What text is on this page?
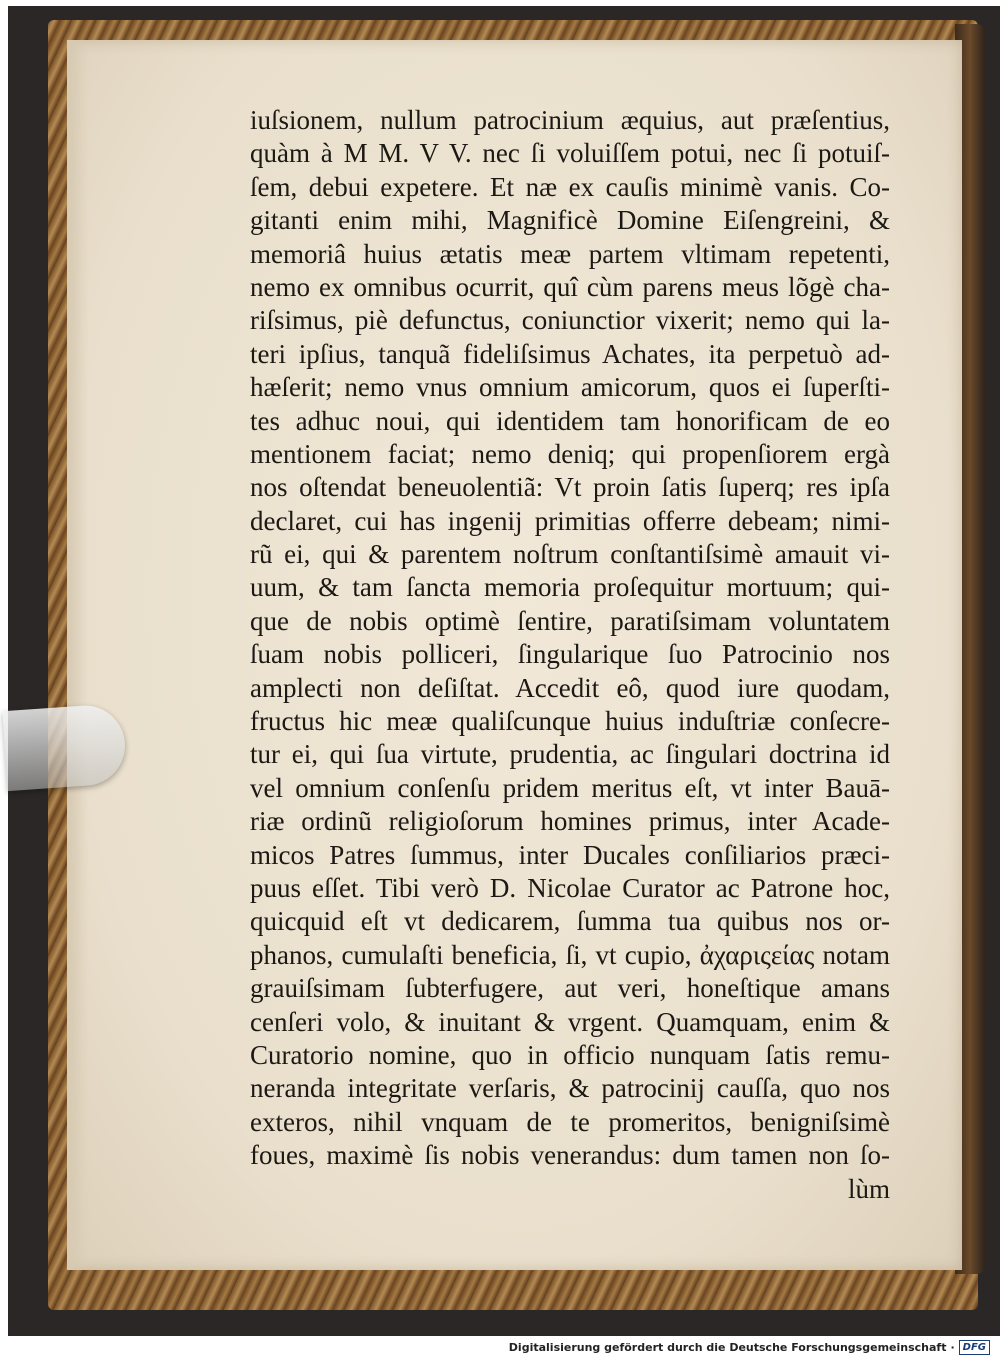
iuſsionem, nullum patrocinium æquius, aut præſentius,
quàm à M M. V V. nec ſi voluiſſem potui, nec ſi potuiſ-
ſem, debui expetere. Et næ ex cauſis minimè vanis. Co-
gitanti enim mihi, Magnificè Domine Eiſengreini, &
memoriâ huius ætatis meæ partem vltimam repetenti,
nemo ex omnibus ocurrit, quî cùm parens meus lõgè cha-
riſsimus, piè defunctus, coniunctior vixerit; nemo qui la-
teri ipſius, tanquã fideliſsimus Achates, ita perpetuò ad-
hæſerit; nemo vnus omnium amicorum, quos ei ſuperſti-
tes adhuc noui, qui identidem tam honorificam de eo
mentionem faciat; nemo deniq; qui propenſiorem ergà
nos oſtendat beneuolentiã: Vt proin ſatis ſuperq; res ipſa
declaret, cui has ingenij primitias offerre debeam; nimi-
rũ ei, qui & parentem noſtrum conſtantiſsimè amauit vi-
uum, & tam ſancta memoria proſequitur mortuum; qui-
que de nobis optimè ſentire, paratiſsimam voluntatem
ſuam nobis polliceri, ſingularique ſuo Patrocinio nos
amplecti non deſiſtat. Accedit eô, quod iure quodam,
fructus hic meæ qualiſcunque huius induſtriæ conſecre-
tur ei, qui ſua virtute, prudentia, ac ſingulari doctrina id
vel omnium conſenſu pridem meritus eſt, vt inter Bauā-
riæ ordinũ religioſorum homines primus, inter Acade-
micos Patres ſummus, inter Ducales conſiliarios præci-
puus eſſet. Tibi verò D. Nicolae Curator ac Patrone hoc,
quicquid eſt vt dedicarem, ſumma tua quibus nos or-
phanos, cumulaſti beneficia, ſi, vt cupio, ἀχαριςείας notam
grauiſsimam ſubterfugere, aut veri, honeſtique amans
cenſeri volo, & inuitant & vrgent. Quamquam, enim &
Curatorio nomine, quo in officio nunquam ſatis remu-
neranda integritate verſaris, & patrocinij cauſſa, quo nos
exteros, nihil vnquam de te promeritos, benigniſsimè
foues, maximè ſis nobis venerandus: dum tamen non ſo-
lùm
Digitalisierung gefördert durch die Deutsche Forschungsgemeinschaft · DFG
